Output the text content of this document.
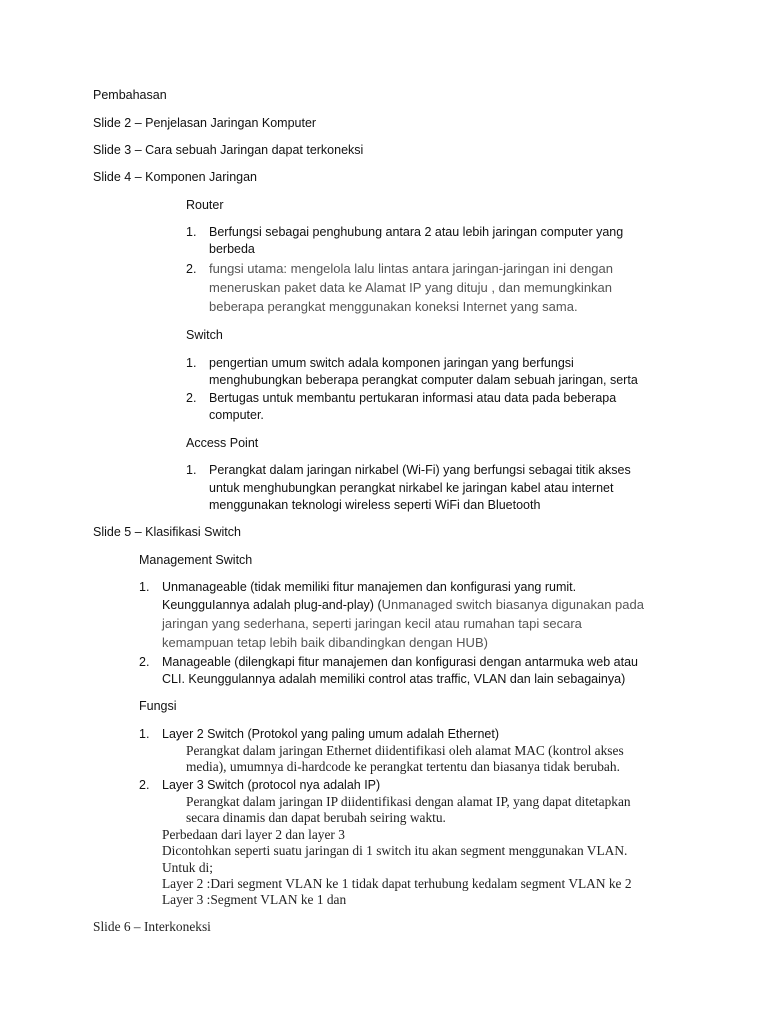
Pembahasan
Slide 2 – Penjelasan Jaringan Komputer
Slide 3 – Cara sebuah Jaringan dapat terkoneksi
Slide 4 – Komponen Jaringan
Router
1. Berfungsi sebagai penghubung antara 2 atau lebih jaringan computer yang
berbeda
2. fungsi utama: mengelola lalu lintas antara jaringan-jaringan ini dengan
meneruskan paket data ke Alamat IP yang dituju , dan memungkinkan
beberapa perangkat menggunakan koneksi Internet yang sama.
Switch
1. pengertian umum switch adala komponen jaringan yang berfungsi
menghubungkan beberapa perangkat computer dalam sebuah jaringan, serta
2. Bertugas untuk membantu pertukaran informasi atau data pada beberapa
computer.
Access Point
1. Perangkat dalam jaringan nirkabel (Wi-Fi) yang berfungsi sebagai titik akses
untuk menghubungkan perangkat nirkabel ke jaringan kabel atau internet
menggunakan teknologi wireless seperti WiFi dan Bluetooth
Slide 5 – Klasifikasi Switch
Management Switch
1. Unmanageable (tidak memiliki fitur manajemen dan konfigurasi yang rumit.
KeungguIannya adalah plug-and-play) (Unmanaged switch biasanya digunakan pada
jaringan yang sederhana, seperti jaringan kecil atau rumahan tapi secara
kemampuan tetap lebih baik dibandingkan dengan HUB)
2. Manageable (dilengkapi fitur manajemen dan konfigurasi dengan antarmuka web atau
CLI. Keunggulannya adalah memiliki control atas traffic, VLAN dan lain sebagainya)
Fungsi
1. Layer 2 Switch (Protokol yang paling umum adalah Ethernet)
Perangkat dalam jaringan Ethernet diidentifikasi oleh alamat MAC (kontrol akses
media), umumnya di-hardcode ke perangkat tertentu dan biasanya tidak berubah.
2. Layer 3 Switch (protocol nya adalah IP)
Perangkat dalam jaringan IP diidentifikasi dengan alamat IP, yang dapat ditetapkan
secara dinamis dan dapat berubah seiring waktu.
Perbedaan dari layer 2 dan layer 3
Dicontohkan seperti suatu jaringan di 1 switch itu akan segment menggunakan VLAN.
Untuk di;
Layer 2 :Dari segment VLAN ke 1 tidak dapat terhubung kedalam segment VLAN ke 2
Layer 3 :Segment VLAN ke 1 dan
Slide 6 – Interkoneksi
